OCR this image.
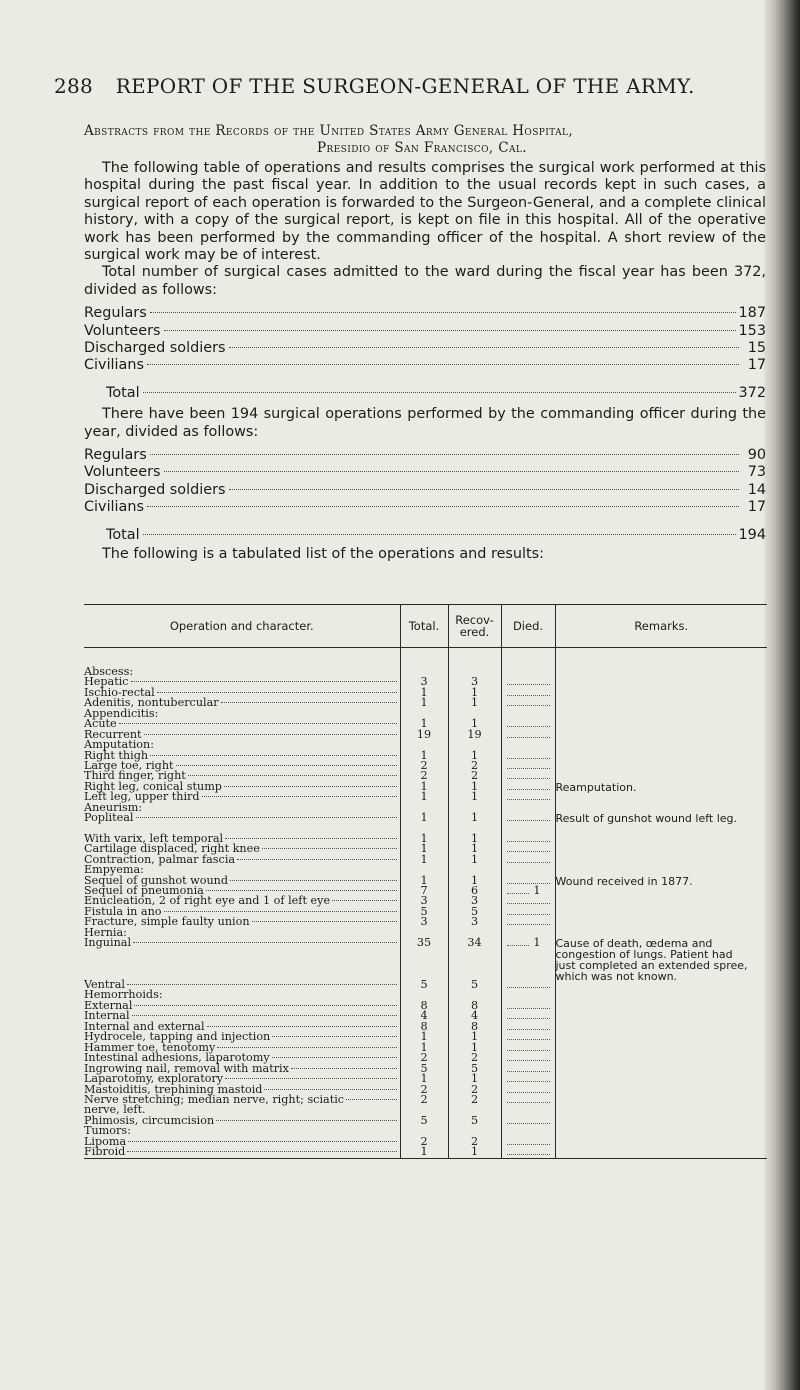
288 REPORT OF THE SURGEON-GENERAL OF THE ARMY.
Abstracts from the Records of the United States Army General Hospital,
Presidio of San Francisco, Cal.

The following table of operations and results comprises the surgical work performed at this hospital during the past fiscal year. In addition to the usual records kept in such cases, a surgical report of each operation is forwarded to the Surgeon-General, and a complete clinical history, with a copy of the surgical report, is kept on file in this hospital. All of the operative work has been performed by the commanding officer of the hospital. A short review of the surgical work may be of interest.

Total number of surgical cases admitted to the ward during the fiscal year has been 372, divided as follows:

Regulars	187
Volunteers	153
Discharged soldiers	15
Civilians	17
Total	372

There have been 194 surgical operations performed by the commanding officer during the year, divided as follows:

Regulars	90
Volunteers	73
Discharged soldiers	14
Civilians	17
Total	194

The following is a tabulated list of the operations and results:

Operation and character.	Total.	Recov-
ered.	Died.	Remarks.

Abscess:

Hepatic	3	3	

Ischio-rectal	1	1	

Adenitis, nontubercular	1	1	

Appendicitis:

Acute	1	1	

Recurrent	19	19	

Amputation:

Right thigh	1	1	

Large toe, right	2	2	

Third finger, right	2	2	

Right leg, conical stump	1	1		Reamputation.

Left leg, upper third	1	1	

Aneurism:

Popliteal	1	1		Result of gunshot wound left leg.

With varix, left temporal	1	1	

Cartilage displaced, right knee	1	1	

Contraction, palmar fascia	1	1	

Empyema:

Sequel of gunshot wound	1	1		Wound received in 1877.

Sequel of pneumonia	7	6	1	

Enucleation, 2 of right eye and 1 of left eye	3	3	

Fistula in ano	5	5	

Fracture, simple faulty union	3	3	

Hernia:

Inguinal	35	34	1	Cause of death, œdema and congestion of lungs. Patient had just completed an extended spree, which was not known.

Ventral	5	5	

Hemorrhoids:

External	8	8	

Internal	4	4	

Internal and external	8	8	

Hydrocele, tapping and injection	1	1	

Hammer toe, tenotomy	1	1	

Intestinal adhesions, laparotomy	2	2	

Ingrowing nail, removal with matrix	5	5	

Laparotomy, exploratory	1	1	

Mastoiditis, trephining mastoid	2	2	

Nerve stretching; median nerve, right; sciatic	2	2	

nerve, left.				

Phimosis, circumcision	5	5	

Tumors:

Lipoma	2	2	

Fibroid	1	1	
